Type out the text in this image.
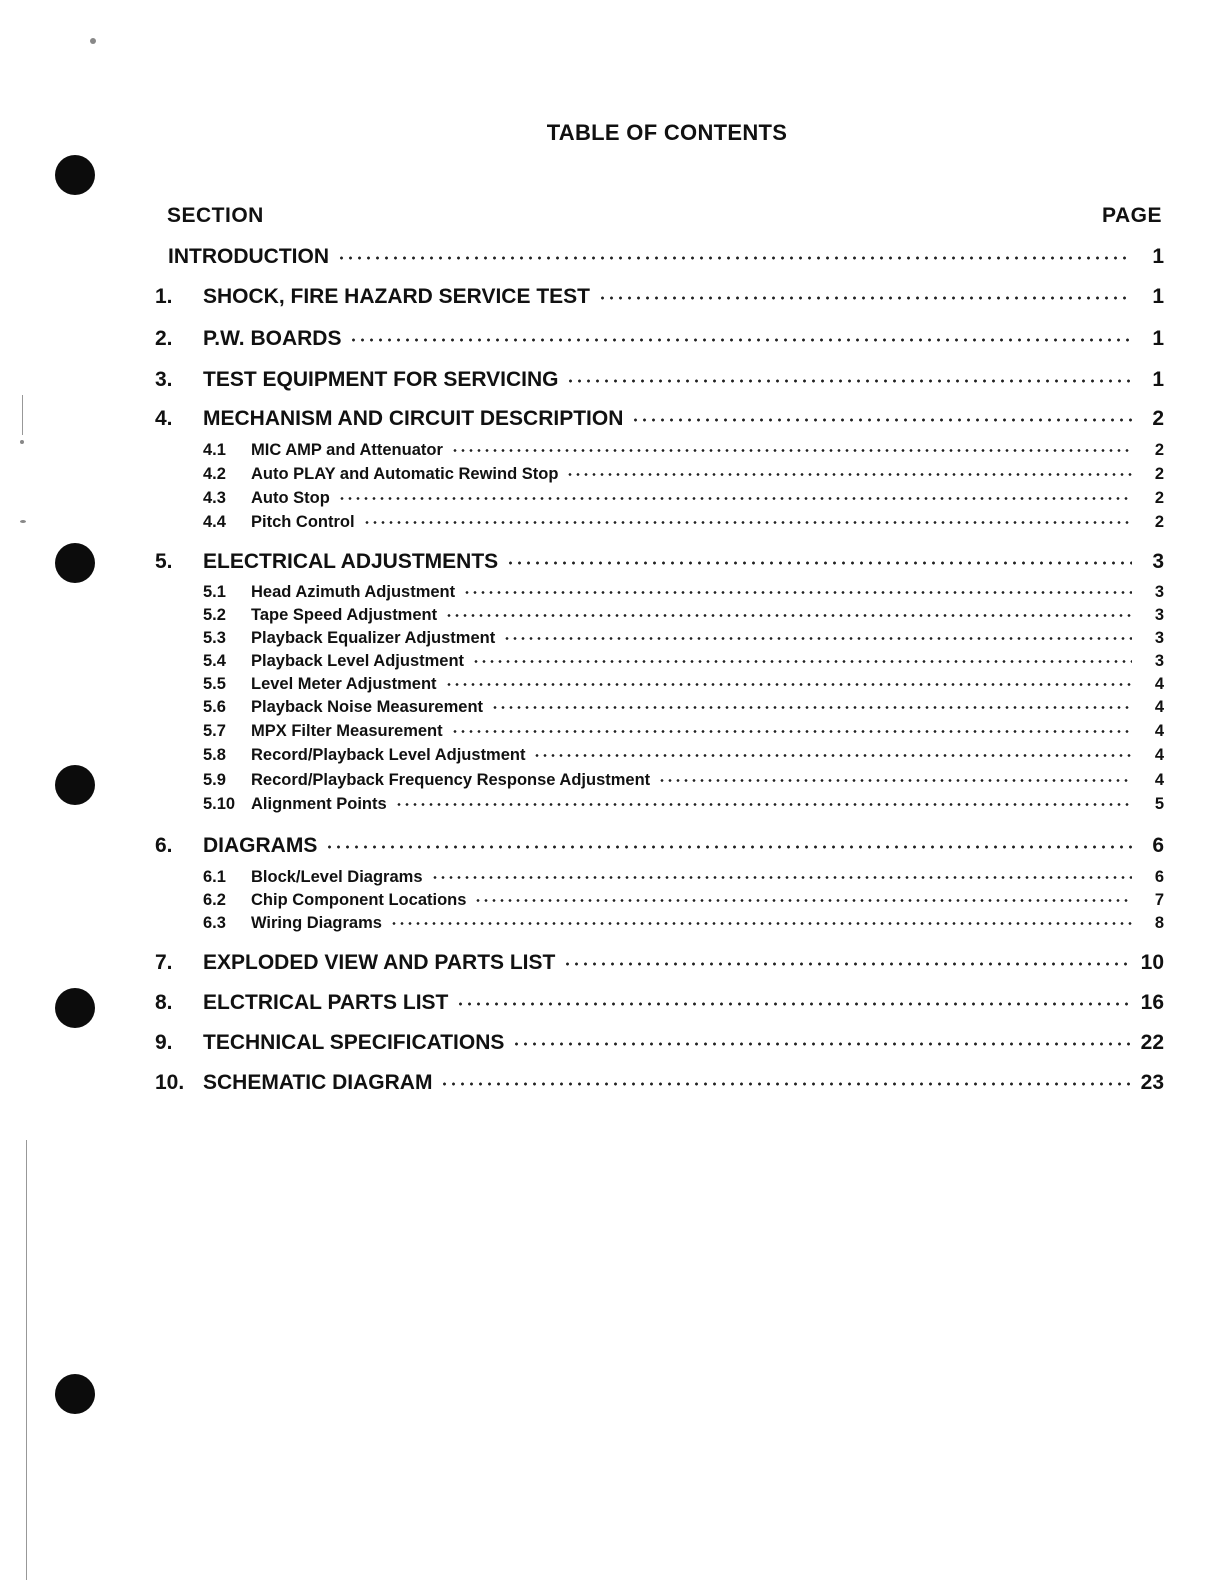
TABLE OF CONTENTS
SECTION	PAGE
INTRODUCTION	1
1.	SHOCK, FIRE HAZARD SERVICE TEST	1
2.	P.W. BOARDS	1
3.	TEST EQUIPMENT FOR SERVICING	1
4.	MECHANISM AND CIRCUIT DESCRIPTION	2
4.1	MIC AMP and Attenuator	2
4.2	Auto PLAY and Automatic Rewind Stop	2
4.3	Auto Stop	2
4.4	Pitch Control	2
5.	ELECTRICAL ADJUSTMENTS	3
5.1	Head Azimuth Adjustment	3
5.2	Tape Speed Adjustment	3
5.3	Playback Equalizer Adjustment	3
5.4	Playback Level Adjustment	3
5.5	Level Meter Adjustment	4
5.6	Playback Noise Measurement	4
5.7	MPX Filter Measurement	4
5.8	Record/Playback Level Adjustment	4
5.9	Record/Playback Frequency Response Adjustment	4
5.10 Alignment Points	5
6.	DIAGRAMS	6
6.1	Block/Level Diagrams	6
6.2	Chip Component Locations	7
6.3	Wiring Diagrams	8
7.	EXPLODED VIEW AND PARTS LIST	10
8.	ELCTRICAL PARTS LIST	16
9.	TECHNICAL SPECIFICATIONS	22
10. SCHEMATIC DIAGRAM	23
